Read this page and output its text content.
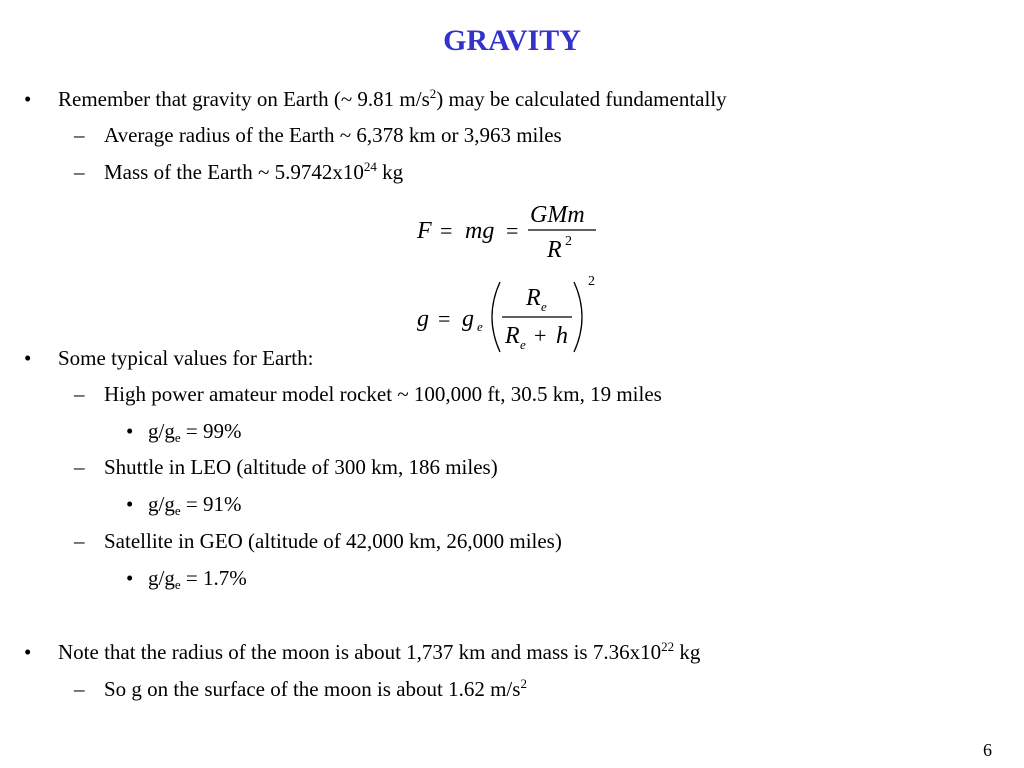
GRAVITY
• Remember that gravity on Earth (~ 9.81 $m/s^2$) may be calculated fundamentally
– Average radius of the Earth ~ 6,378 km or 3,963 miles
– Mass of the Earth ~ $5.9742x10^{24}$ kg
F = mg =
GMm
R 2
g = g e
R e
R e + h
2
• Some typical values for Earth:
– High power amateur model rocket ~ 100,000 ft, 30.5 km, 19 miles
• $g/g_e = 99\%$
– Shuttle in LEO (altitude of 300 km, 186 miles)
• $g/g_e = 91\%$
– Satellite in GEO (altitude of 42,000 km, 26,000 miles)
• $g/g_e = 1.7\%$
• Note that the radius of the moon is about 1,737 km and mass is $7.36x10^{22}$ kg
– So g on the surface of the moon is about 1.62 $m/s^2$
6
